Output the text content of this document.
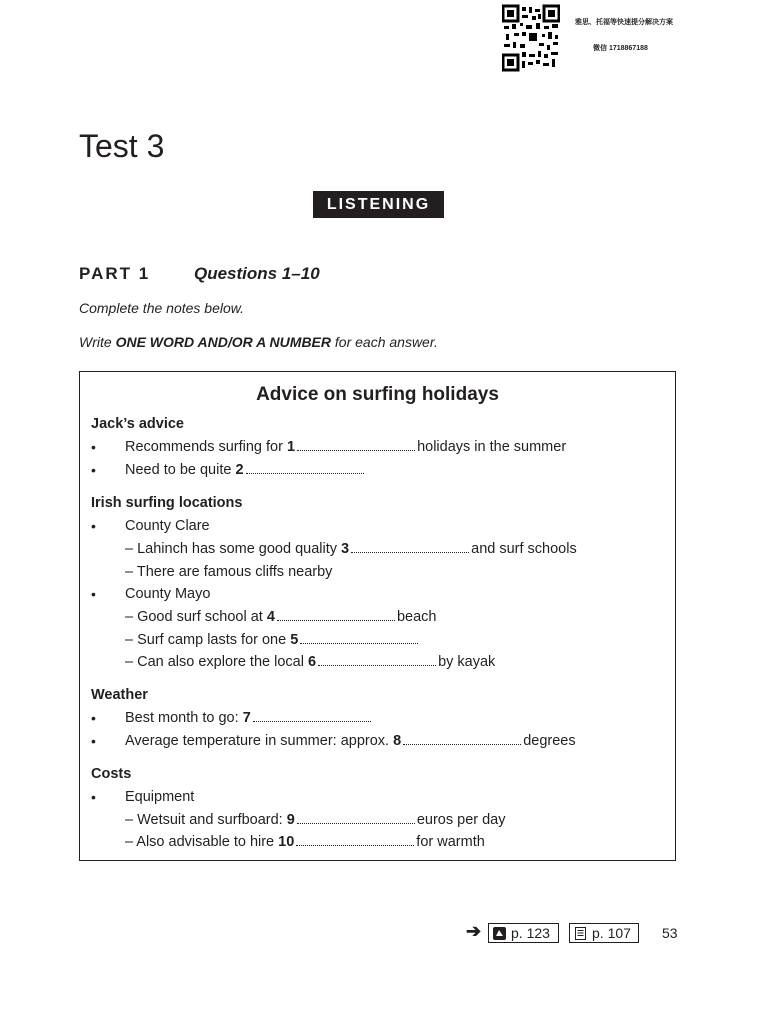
雅思、托福等快速提分解决方案
微信 1718867188
Test 3
LISTENING
PART 1	Questions 1–10
Complete the notes below.
Write ONE WORD AND/OR A NUMBER for each answer.
Advice on surfing holidays
Jack’s advice
• Recommends surfing for 1	holidays in the summer
• Need to be quite 2
Irish surfing locations
• County Clare
– Lahinch has some good quality 3	and surf schools
– There are famous cliffs nearby
• County Mayo
– Good surf school at 4	beach
– Surf camp lasts for one 5
– Can also explore the local 6	by kayak
Weather
• Best month to go: 7
• Average temperature in summer: approx. 8	degrees
Costs
• Equipment
– Wetsuit and surfboard: 9	euros per day
– Also advisable to hire 10	for warmth
➔ p. 123	p. 107 53
